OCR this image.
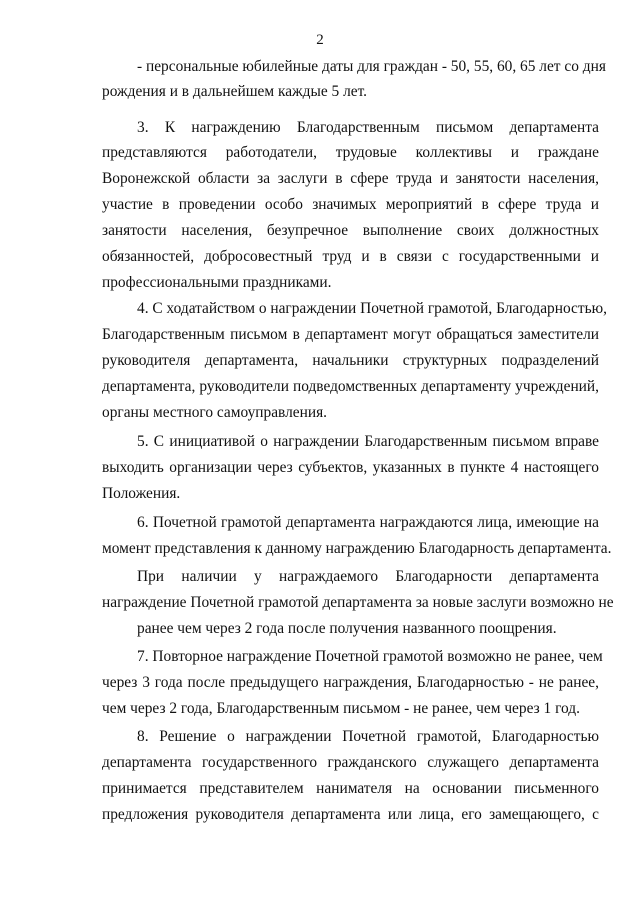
2
- персональные юбилейные даты для граждан - 50, 55, 60, 65 лет со дня
рождения и в дальнейшем каждые 5 лет.
3.  К  награждению  Благодарственным  письмом  департамента
представляются работодатели, трудовые коллективы и граждане
Воронежской области за заслуги в сфере труда и занятости населения,
участие в проведении особо значимых мероприятий в сфере труда и
занятости населения, безупречное выполнение своих должностных
обязанностей, добросовестный труд и в связи с государственными и
профессиональными праздниками.
4. С ходатайством о награждении Почетной грамотой, Благодарностью,
Благодарственным письмом в департамент могут обращаться заместители
руководителя департамента, начальники структурных подразделений
департамента, руководители подведомственных департаменту учреждений,
органы местного самоуправления.
5. С инициативой о награждении Благодарственным письмом вправе
выходить организации через субъектов, указанных в пункте 4 настоящего
Положения.
6. Почетной грамотой департамента награждаются лица, имеющие на
момент представления к данному награждению Благодарность департамента.
При наличии у награждаемого Благодарности департамента
награждение Почетной грамотой департамента за новые заслуги возможно не
ранее чем через 2 года после получения названного поощрения.
7. Повторное награждение Почетной грамотой возможно не ранее, чем
через 3 года после предыдущего награждения, Благодарностью - не ранее,
чем через 2 года, Благодарственным письмом - не ранее, чем через 1 год.
8. Решение о награждении Почетной грамотой, Благодарностью
департамента государственного гражданского служащего департамента
принимается представителем нанимателя на основании письменного
предложения руководителя департамента или лица, его замещающего, с
